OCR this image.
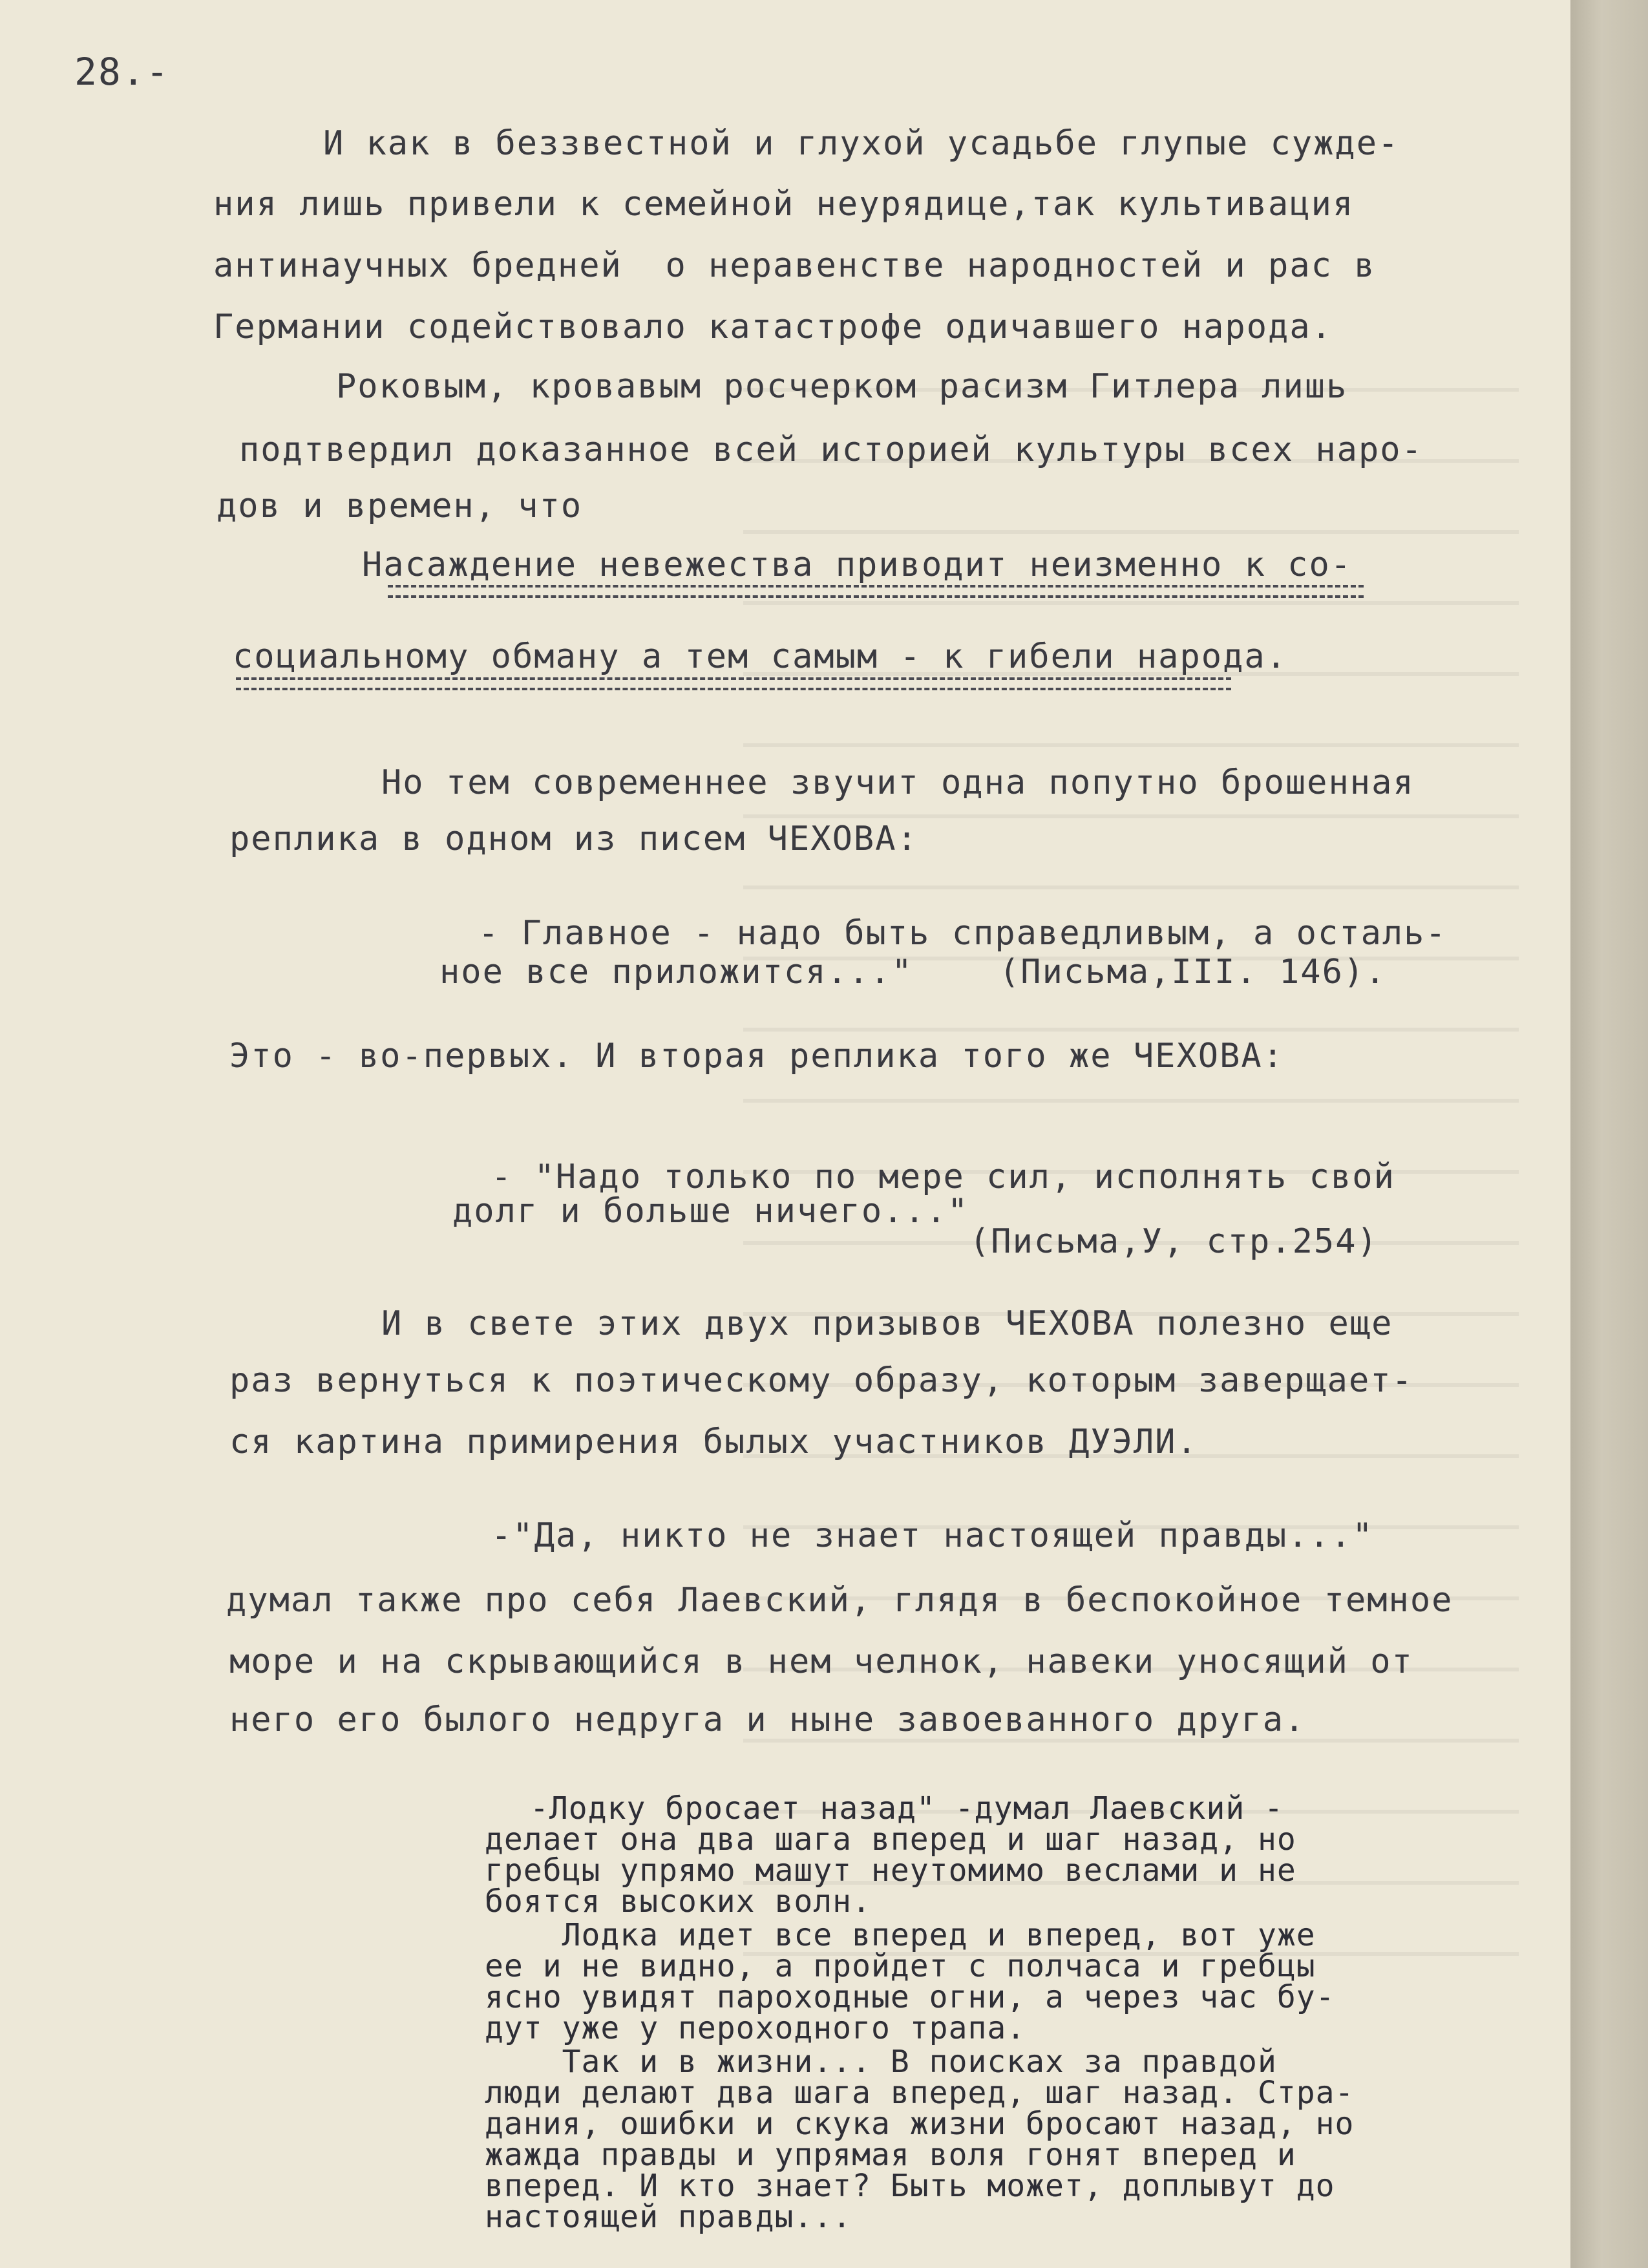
28.-
И как в беззвестной и глухой усадьбе глупые сужде-
ния лишь привели к семейной неурядице,так культивация
антинаучных бредней  о неравенстве народностей и рас в
Германии содействовало катастрофе одичавшего народа.
Роковым, кровавым росчерком расизм Гитлера лишь
подтвердил доказанное всей историей культуры всех наро-
дов и времен, что
Насаждение невежества приводит неизменно к со-
социальному обману а тем самым - к гибели народа.
Но тем современнее звучит одна попутно брошенная
реплика в одном из писем ЧЕХОВА:
- Главное - надо быть справедливым, а осталь-
ное все приложится..."    (Письма,III. 146).
Это - во-первых. И вторая реплика того же ЧЕХОВА:
- "Надо только по мере сил, исполнять свой
долг и больше ничего..."
(Письма,У, стр.254)
И в свете этих двух призывов ЧЕХОВА полезно еще
раз вернуться к поэтическому образу, которым заверщает-
ся картина примирения былых участников ДУЭЛИ.
-"Да, никто не знает настоящей правды..."
думал также про себя Лаевский, глядя в беспокойное темное
море и на скрывающийся в нем челнок, навеки уносящий от
него его былого недруга и ныне завоеванного друга.
-Лодку бросает назад" -думал Лаевский -
делает она два шага вперед и шаг назад, но
гребцы упрямо машут неутомимо веслами и не
боятся высоких волн.
Лодка идет все вперед и вперед, вот уже
ее и не видно, а пройдет с полчаса и гребцы
ясно увидят пароходные огни, а через час бу-
дут уже у пероходного трапа.
Так и в жизни... В поисках за правдой
люди делают два шага вперед, шаг назад. Стра-
дания, ошибки и скука жизни бросают назад, но
жажда правды и упрямая воля гонят вперед и
вперед. И кто знает? Быть может, доплывут до
настоящей правды...
